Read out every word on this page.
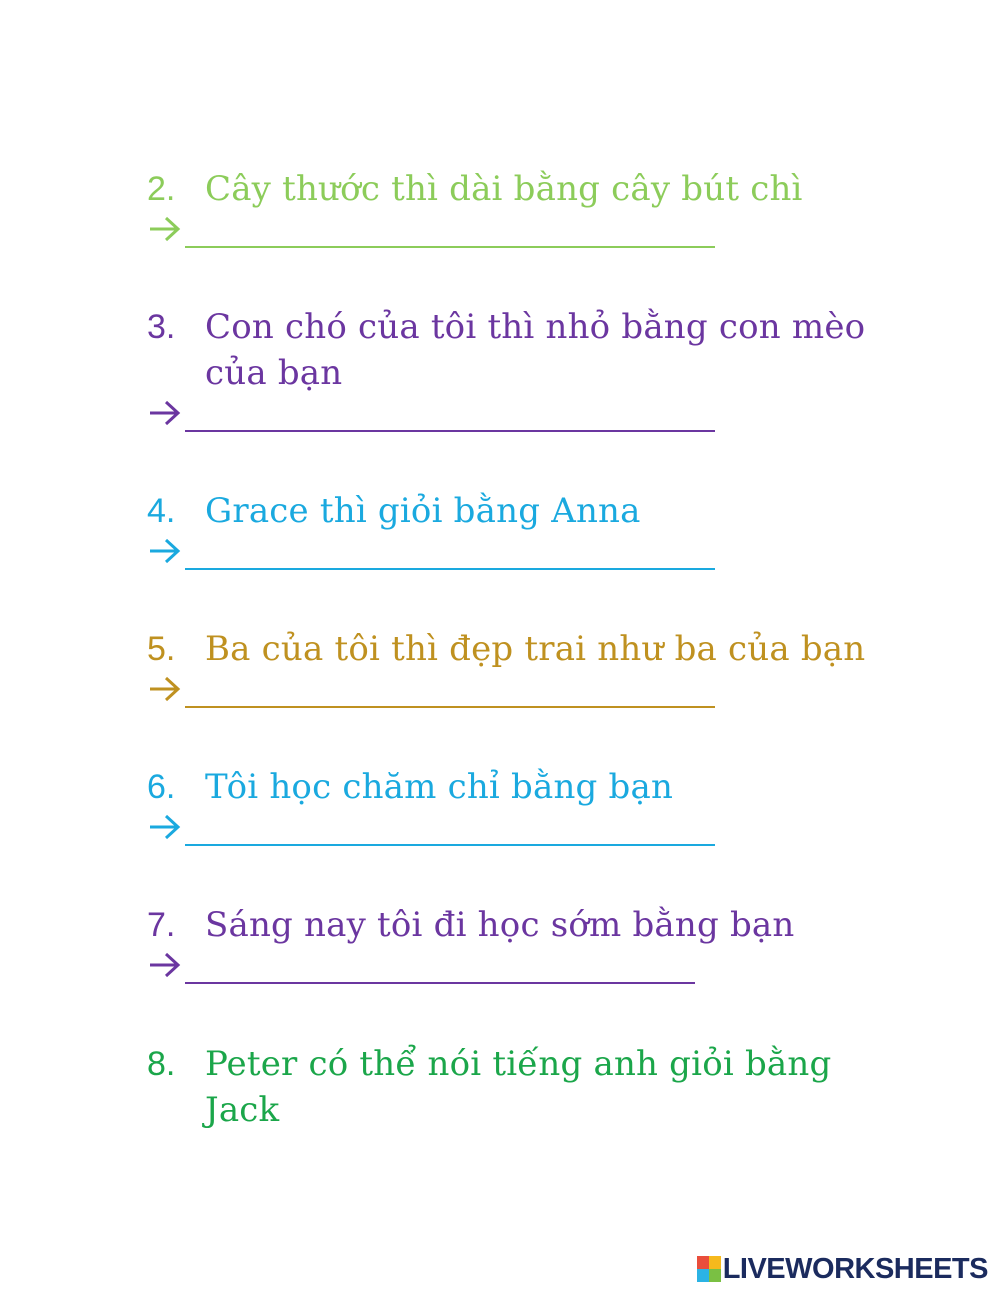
2. Cây thước thì dài bằng cây bút chì
3. Con chó của tôi thì nhỏ bằng con mèo
của bạn
4. Grace thì giỏi bằng Anna
5. Ba của tôi thì đẹp trai như ba của bạn
6. Tôi học chăm chỉ bằng bạn
7. Sáng nay tôi đi học sớm bằng bạn
8. Peter có thể nói tiếng anh giỏi bằng
Jack
LIVEWORKSHEETS
